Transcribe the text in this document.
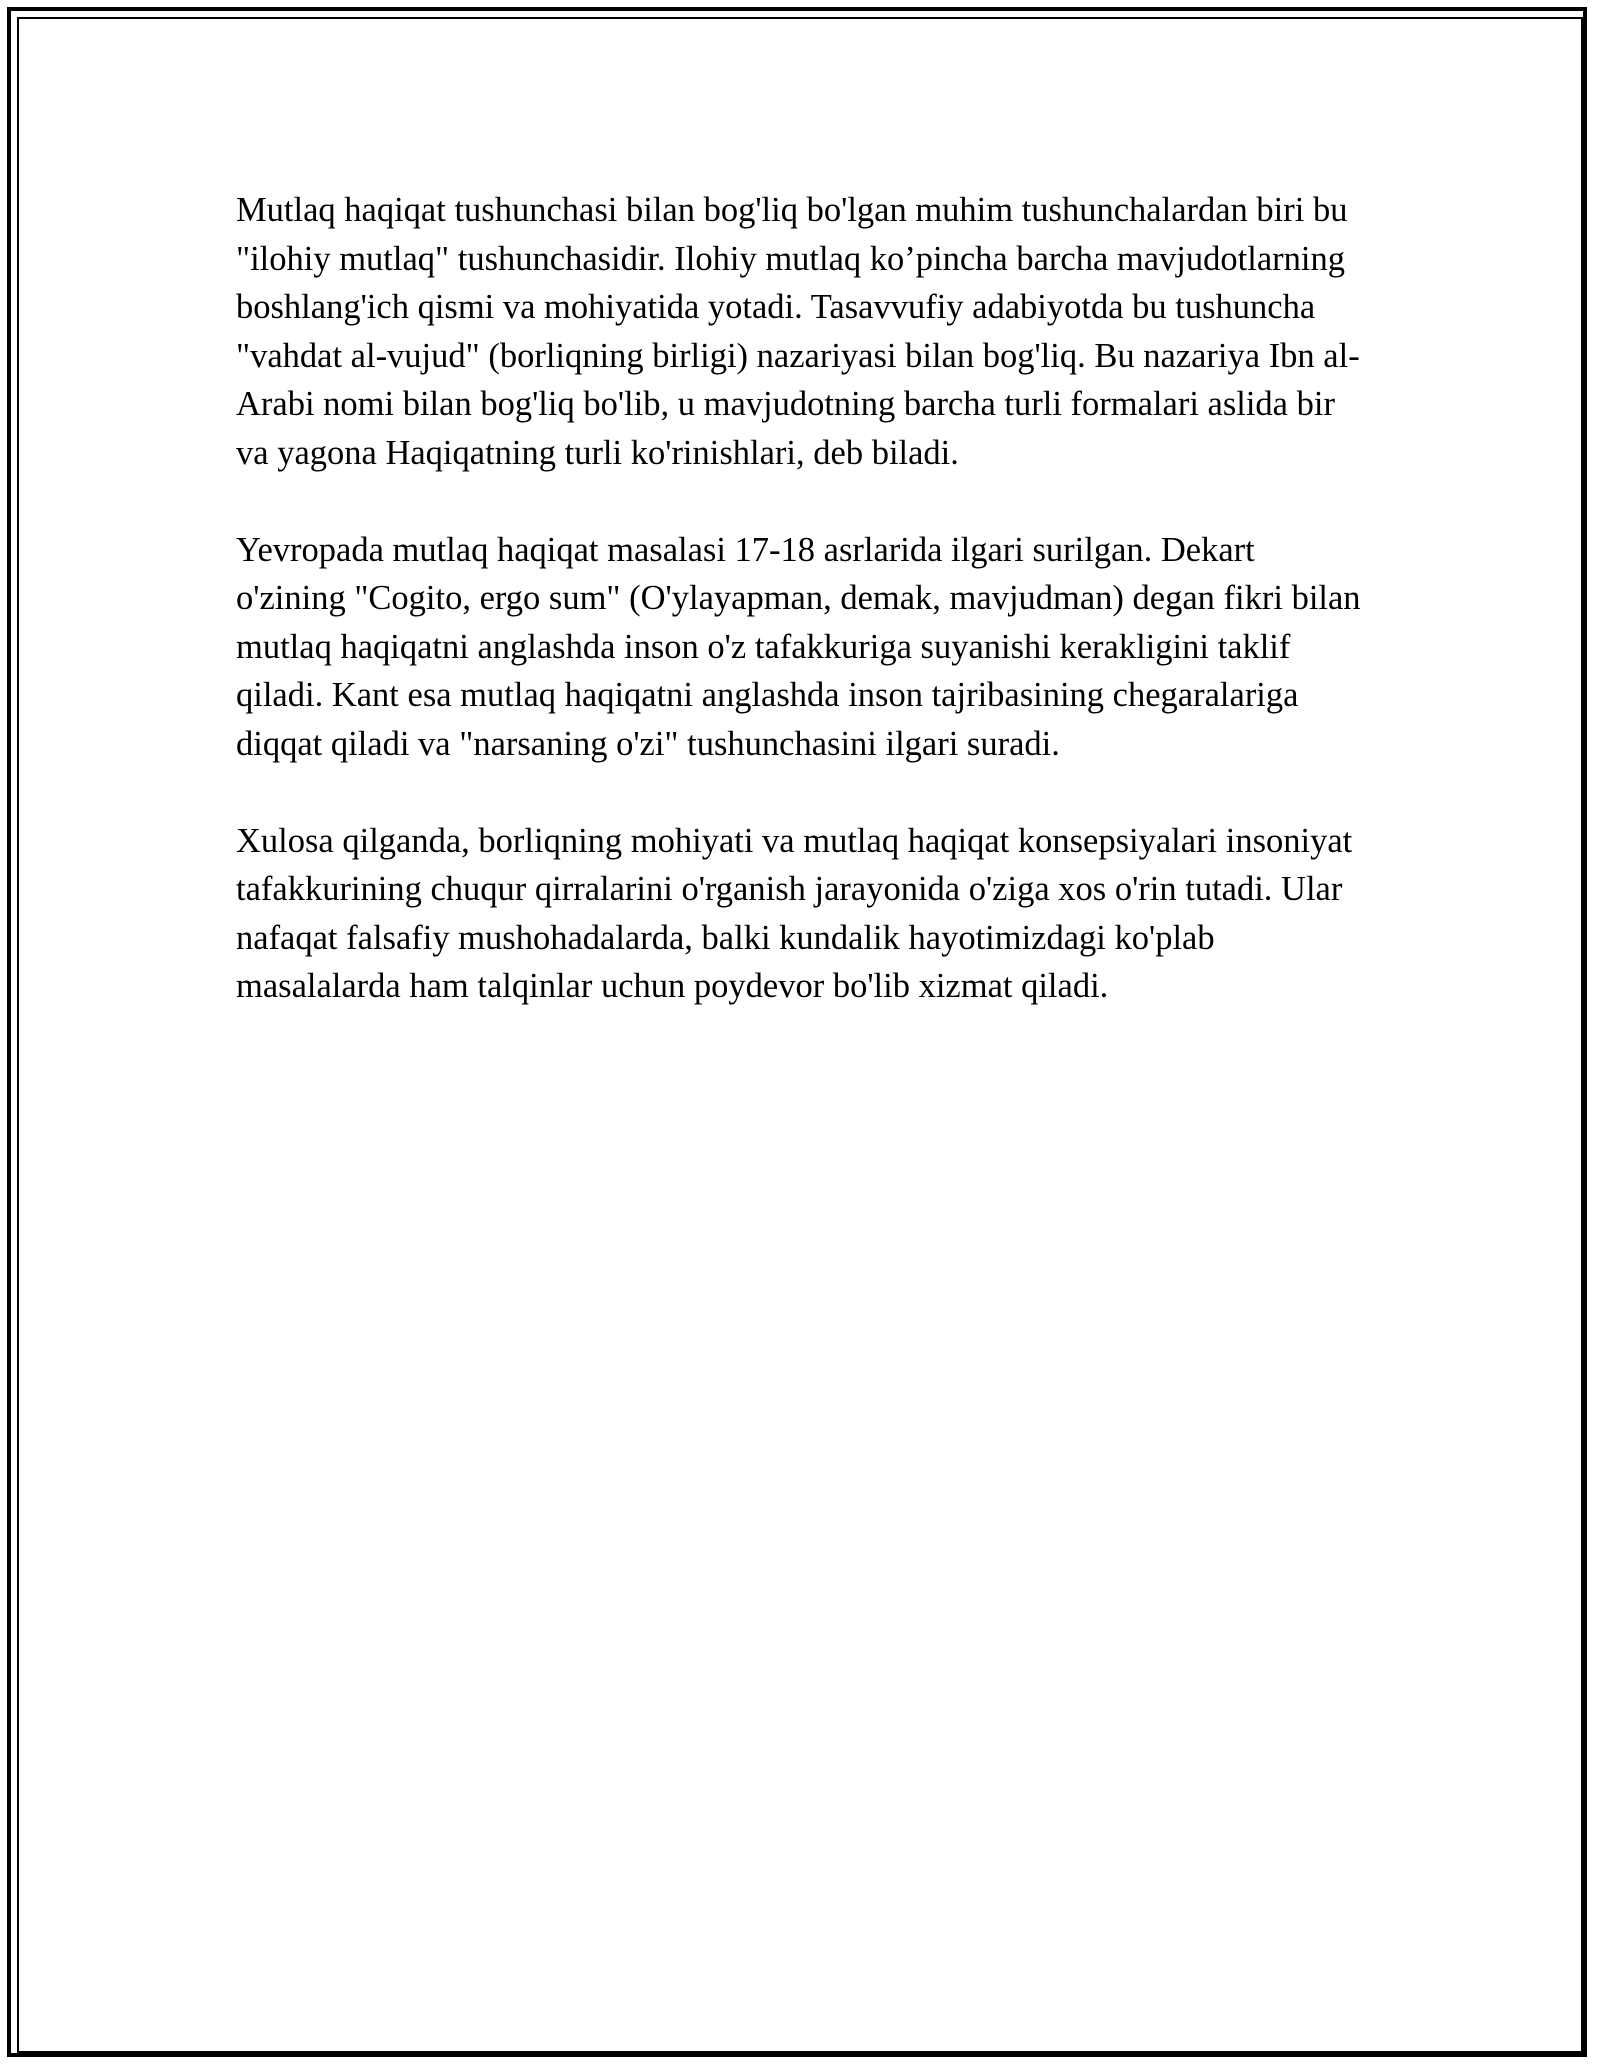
Mutlaq haqiqat tushunchasi bilan bog'liq bo'lgan muhim tushunchalardan biri bu "ilohiy mutlaq" tushunchasidir. Ilohiy mutlaq ko’pincha barcha mavjudotlarning boshlang'ich qismi va mohiyatida yotadi. Tasavvufiy adabiyotda bu tushuncha "vahdat al-vujud" (borliqning birligi) nazariyasi bilan bog'liq. Bu nazariya Ibn al-Arabi nomi bilan bog'liq bo'lib, u mavjudotning barcha turli formalari aslida bir va yagona Haqiqatning turli ko'rinishlari, deb biladi.

Yevropada mutlaq haqiqat masalasi 17-18 asrlarida ilgari surilgan. Dekart o'zining "Cogito, ergo sum" (O'ylayapman, demak, mavjudman) degan fikri bilan mutlaq haqiqatni anglashda inson o'z tafakkuriga suyanishi kerakligini taklif qiladi. Kant esa mutlaq haqiqatni anglashda inson tajribasining chegaralariga diqqat qiladi va "narsaning o'zi" tushunchasini ilgari suradi.

Xulosa qilganda, borliqning mohiyati va mutlaq haqiqat konsepsiyalari insoniyat tafakkurining chuqur qirralarini o'rganish jarayonida o'ziga xos o'rin tutadi. Ular nafaqat falsafiy mushohadalarda, balki kundalik hayotimizdagi ko'plab masalalarda ham talqinlar uchun poydevor bo'lib xizmat qiladi.
